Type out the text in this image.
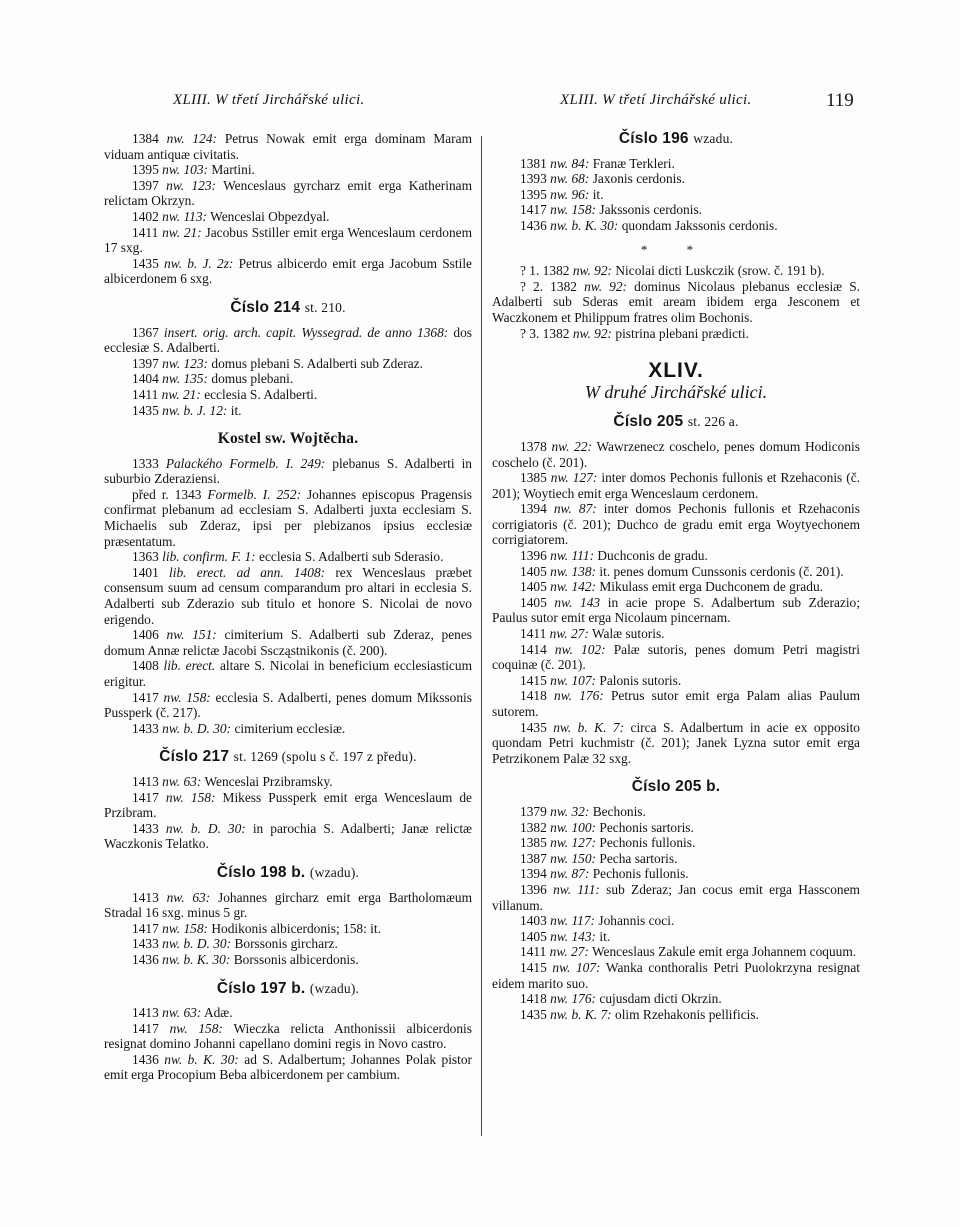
XLIII. W třetí Jirchářské ulici.	XLIII. W třetí Jirchářské ulici.	119

1384 nw. 124: Petrus Nowak emit erga dominam Maram viduam antiquæ civitatis.

1395 nw. 103: Martini.

1397 nw. 123: Wenceslaus gyrcharz emit erga Katherinam relictam Okrzyn.

1402 nw. 113: Wenceslai Obpezdyal.

1411 nw. 21: Jacobus Sstiller emit erga Wenceslaum cerdonem 17 sxg.

1435 nw. b. J. 2z: Petrus albicerdo emit erga Jacobum Sstile albicerdonem 6 sxg.

Číslo 214 st. 210.

1367 insert. orig. arch. capit. Wyssegrad. de anno 1368: dos ecclesiæ S. Adalberti.

1397 nw. 123: domus plebani S. Adalberti sub Zderaz.

1404 nw. 135: domus plebani.

1411 nw. 21: ecclesia S. Adalberti.

1435 nw. b. J. 12: it.

Kostel sw. Wojtěcha.

1333 Palackého Formelb. I. 249: plebanus S. Adalberti in suburbio Zderaziensi.

před r. 1343 Formelb. I. 252: Johannes episcopus Pragensis confirmat plebanum ad ecclesiam S. Adalberti juxta ecclesiam S. Michaelis sub Zderaz, ipsi per plebizanos ipsius ecclesiæ præsentatum.

1363 lib. confirm. F. 1: ecclesia S. Adalberti sub Sderasio.

1401 lib. erect. ad ann. 1408: rex Wenceslaus præbet consensum suum ad censum comparandum pro altari in ecclesia S. Adalberti sub Zderazio sub titulo et honore S. Nicolai de novo erigendo.

1406 nw. 151: cimiterium S. Adalberti sub Zderaz, penes domum Annæ relictæ Jacobi Sscząstnikonis (č. 200).

1408 lib. erect. altare S. Nicolai in beneficium ecclesiasticum erigitur.

1417 nw. 158: ecclesia S. Adalberti, penes domum Mikssonis Pussperk (č. 217).

1433 nw. b. D. 30: cimiterium ecclesiæ.

Číslo 217 st. 1269 (spolu s č. 197 z předu).

1413 nw. 63: Wenceslai Przibramsky.

1417 nw. 158: Mikess Pussperk emit erga Wenceslaum de Przibram.

1433 nw. b. D. 30: in parochia S. Adalberti; Janæ relictæ Waczkonis Telatko.

Číslo 198 b. (wzadu).

1413 nw. 63: Johannes gircharz emit erga Bartholomæum Stradal 16 sxg. minus 5 gr.

1417 nw. 158: Hodikonis albicerdonis; 158: it.

1433 nw. b. D. 30: Borssonis gircharz.

1436 nw. b. K. 30: Borssonis albicerdonis.

Číslo 197 b. (wzadu).

1413 nw. 63: Adæ.

1417 nw. 158: Wieczka relicta Anthonissii albicerdonis resignat domino Johanni capellano domini regis in Novo castro.

1436 nw. b. K. 30: ad S. Adalbertum; Johannes Polak pistor emit erga Procopium Beba albicerdonem per cambium.

Číslo 196 wzadu.

1381 nw. 84: Franæ Terkleri.

1393 nw. 68: Jaxonis cerdonis.

1395 nw. 96: it.

1417 nw. 158: Jakssonis cerdonis.

1436 nw. b. K. 30: quondam Jakssonis cerdonis.

* *

? 1. 1382 nw. 92: Nicolai dicti Luskczik (srow. č. 191 b).

? 2. 1382 nw. 92: dominus Nicolaus plebanus ecclesiæ S. Adalberti sub Sderas emit aream ibidem erga Jesconem et Waczkonem et Philippum fratres olim Bochonis.

? 3. 1382 nw. 92: pistrina plebani prædicti.

XLIV.
W druhé Jirchářské ulici.
Číslo 205 st. 226 a.

1378 nw. 22: Wawrzenecz coschelo, penes domum Hodiconis coschelo (č. 201).

1385 nw. 127: inter domos Pechonis fullonis et Rzehaconis (č. 201); Woytiech emit erga Wenceslaum cerdonem.

1394 nw. 87: inter domos Pechonis fullonis et Rzehaconis corrigiatoris (č. 201); Duchco de gradu emit erga Woytyechonem corrigiatorem.

1396 nw. 111: Duchconis de gradu.

1405 nw. 138: it. penes domum Cunssonis cerdonis (č. 201).

1405 nw. 142: Mikulass emit erga Duchconem de gradu.

1405 nw. 143 in acie prope S. Adalbertum sub Zderazio; Paulus sutor emit erga Nicolaum pincernam.

1411 nw. 27: Walæ sutoris.

1414 nw. 102: Palæ sutoris, penes domum Petri magistri coquinæ (č. 201).

1415 nw. 107: Palonis sutoris.

1418 nw. 176: Petrus sutor emit erga Palam alias Paulum sutorem.

1435 nw. b. K. 7: circa S. Adalbertum in acie ex opposito quondam Petri kuchmistr (č. 201); Janek Lyzna sutor emit erga Petrzikonem Palæ 32 sxg.

Číslo 205 b.

1379 nw. 32: Bechonis.

1382 nw. 100: Pechonis sartoris.

1385 nw. 127: Pechonis fullonis.

1387 nw. 150: Pecha sartoris.

1394 nw. 87: Pechonis fullonis.

1396 nw. 111: sub Zderaz; Jan cocus emit erga Hassconem villanum.

1403 nw. 117: Johannis coci.

1405 nw. 143: it.

1411 nw. 27: Wenceslaus Zakule emit erga Johannem coquum.

1415 nw. 107: Wanka conthoralis Petri Puolokrzyna resignat eidem marito suo.

1418 nw. 176: cujusdam dicti Okrzin.

1435 nw. b. K. 7: olim Rzehakonis pellificis.
